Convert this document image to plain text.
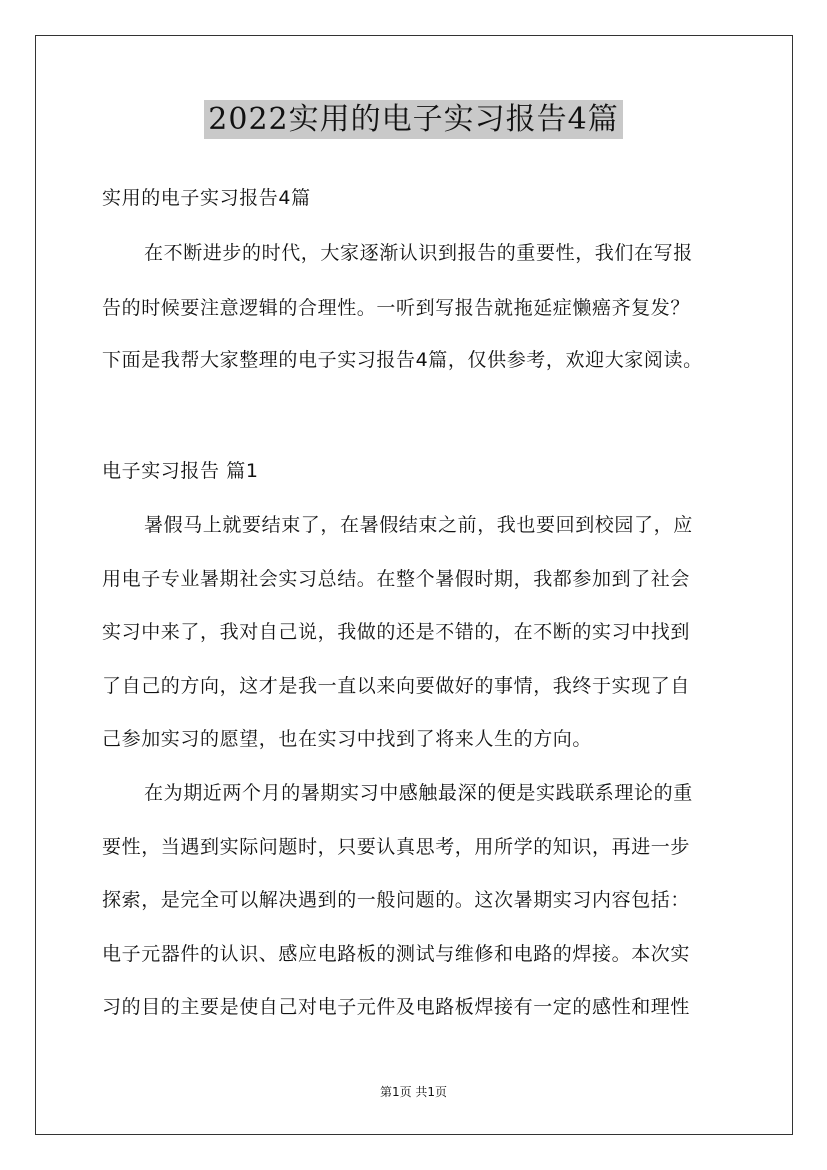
2022实用的电子实习报告4篇
实用的电子实习报告4篇
在不断进步的时代，大家逐渐认识到报告的重要性，我们在写报
告的时候要注意逻辑的合理性。一听到写报告就拖延症懒癌齐复发？
下面是我帮大家整理的电子实习报告4篇，仅供参考，欢迎大家阅读。
电子实习报告 篇1
暑假马上就要结束了，在暑假结束之前，我也要回到校园了，应
用电子专业暑期社会实习总结。在整个暑假时期，我都参加到了社会
实习中来了，我对自己说，我做的还是不错的，在不断的实习中找到
了自己的方向，这才是我一直以来向要做好的事情，我终于实现了自
己参加实习的愿望，也在实习中找到了将来人生的方向。
在为期近两个月的暑期实习中感触最深的便是实践联系理论的重
要性，当遇到实际问题时，只要认真思考，用所学的知识，再进一步
探索，是完全可以解决遇到的一般问题的。这次暑期实习内容包括：
电子元器件的认识、感应电路板的测试与维修和电路的焊接。本次实
习的目的主要是使自己对电子元件及电路板焊接有一定的感性和理性
第1页 共1页
